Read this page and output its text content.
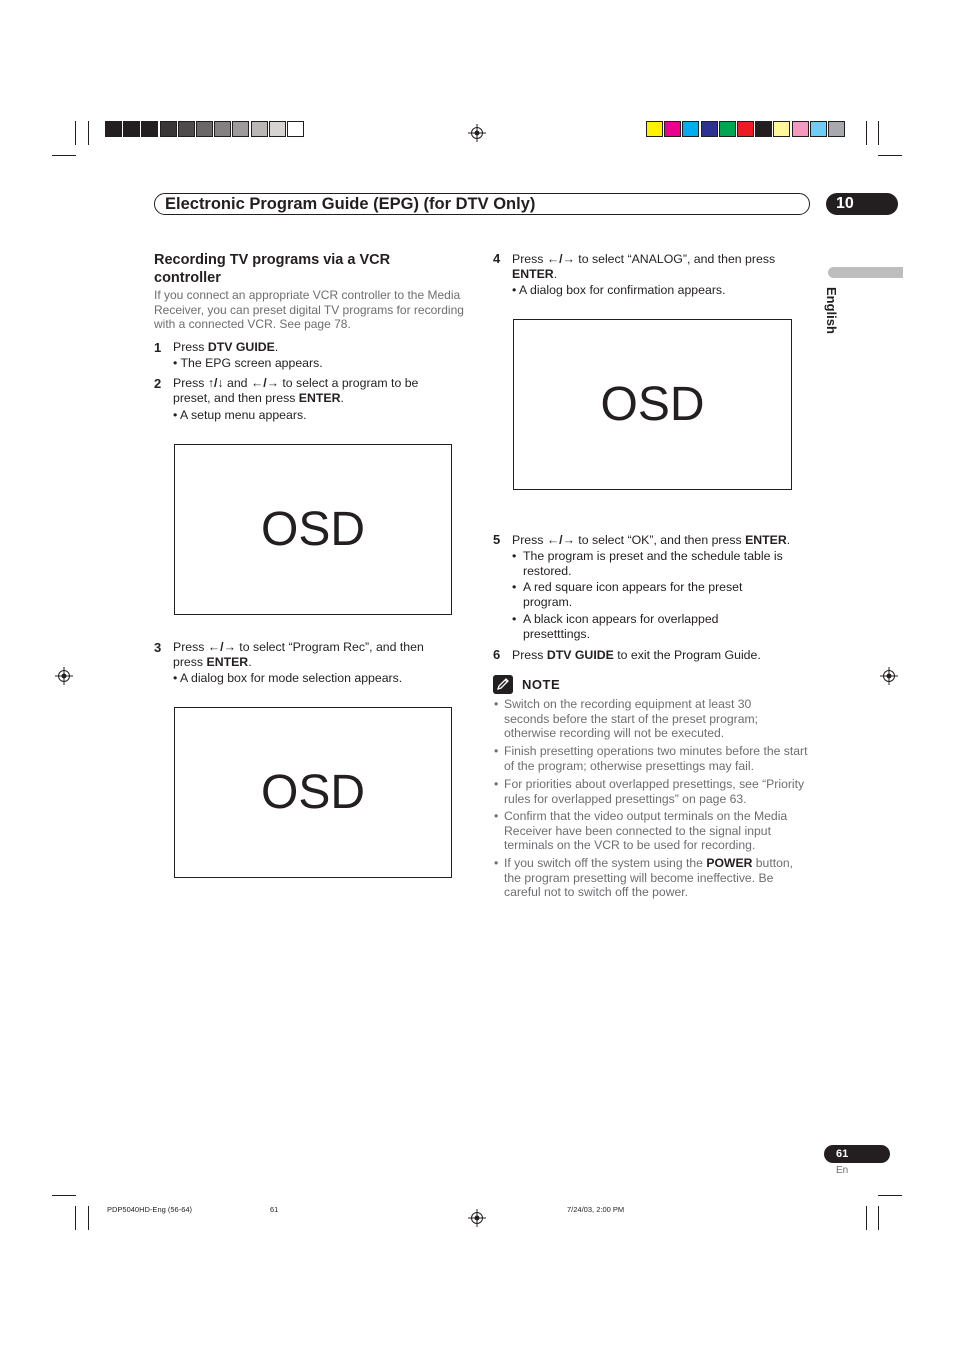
Electronic Program Guide (EPG) (for DTV Only)	10
English
Recording TV programs via a VCR controller
If you connect an appropriate VCR controller to the Media Receiver, you can preset digital TV programs for recording with a connected VCR. See page 78.
1 Press DTV GUIDE.
• The EPG screen appears.
2 Press ↑/↓ and ←/→ to select a program to be preset, and then press ENTER.
• A setup menu appears.
OSD
3 Press ←/→ to select “Program Rec”, and then press ENTER.
• A dialog box for mode selection appears.
OSD
4 Press ←/→ to select “ANALOG”, and then press ENTER.
• A dialog box for confirmation appears.
OSD
5 Press ←/→ to select “OK”, and then press ENTER.
• The program is preset and the schedule table is restored.
• A red square icon appears for the preset program.
• A black icon appears for overlapped presetttings.
6 Press DTV GUIDE to exit the Program Guide.
NOTE
• Switch on the recording equipment at least 30 seconds before the start of the preset program; otherwise recording will not be executed.
• Finish presetting operations two minutes before the start of the program; otherwise presettings may fail.
• For priorities about overlapped presettings, see “Priority rules for overlapped presettings” on page 63.
• Confirm that the video output terminals on the Media Receiver have been connected to the signal input terminals on the VCR to be used for recording.
• If you switch off the system using the POWER button, the program presetting will become ineffective. Be careful not to switch off the power.
61
En
PDP5040HD-Eng (56-64)	61	7/24/03, 2:00 PM
